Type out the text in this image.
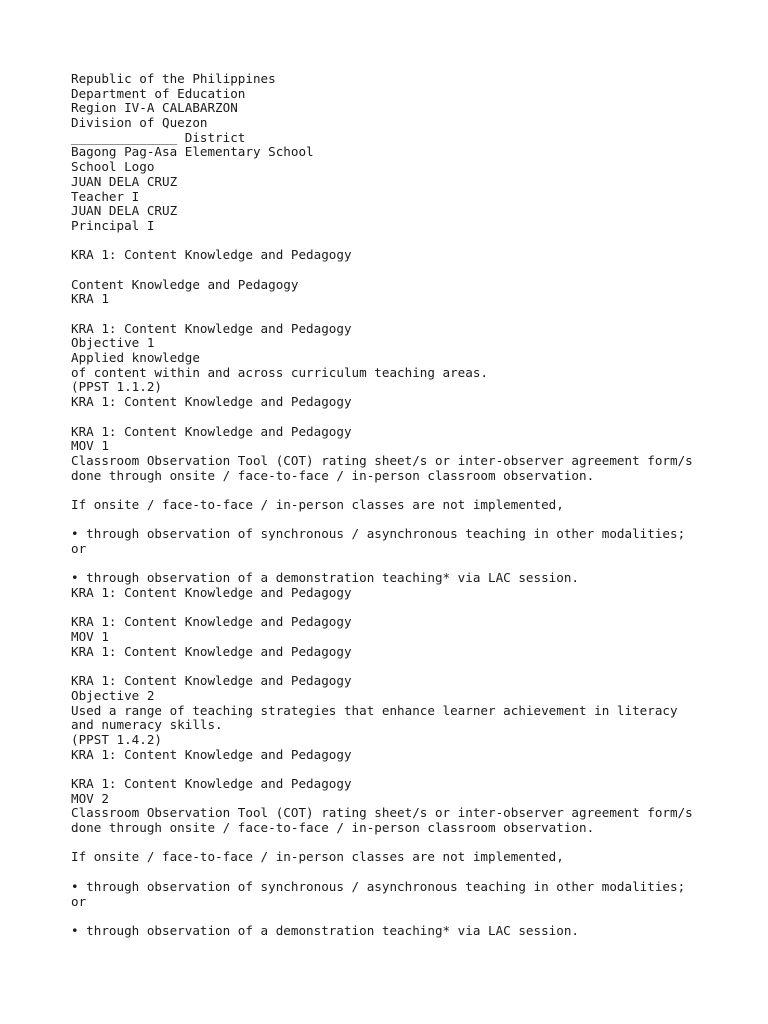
Republic of the Philippines
Department of Education
Region IV-A CALABARZON
Division of Quezon
______________ District
Bagong Pag-Asa Elementary School
School Logo
JUAN DELA CRUZ
Teacher I
JUAN DELA CRUZ
Principal I

KRA 1: Content Knowledge and Pedagogy

Content Knowledge and Pedagogy
KRA 1

KRA 1: Content Knowledge and Pedagogy
Objective 1
Applied knowledge
of content within and across curriculum teaching areas.
(PPST 1.1.2)
KRA 1: Content Knowledge and Pedagogy

KRA 1: Content Knowledge and Pedagogy
MOV 1
Classroom Observation Tool (COT) rating sheet/s or inter-observer agreement form/s
done through onsite / face-to-face / in-person classroom observation.

If onsite / face-to-face / in-person classes are not implemented,

• through observation of synchronous / asynchronous teaching in other modalities;
or

• through observation of a demonstration teaching* via LAC session.
KRA 1: Content Knowledge and Pedagogy

KRA 1: Content Knowledge and Pedagogy
MOV 1
KRA 1: Content Knowledge and Pedagogy

KRA 1: Content Knowledge and Pedagogy
Objective 2
Used a range of teaching strategies that enhance learner achievement in literacy
and numeracy skills.
(PPST 1.4.2)
KRA 1: Content Knowledge and Pedagogy

KRA 1: Content Knowledge and Pedagogy
MOV 2
Classroom Observation Tool (COT) rating sheet/s or inter-observer agreement form/s
done through onsite / face-to-face / in-person classroom observation.

If onsite / face-to-face / in-person classes are not implemented,

• through observation of synchronous / asynchronous teaching in other modalities;
or

• through observation of a demonstration teaching* via LAC session.
